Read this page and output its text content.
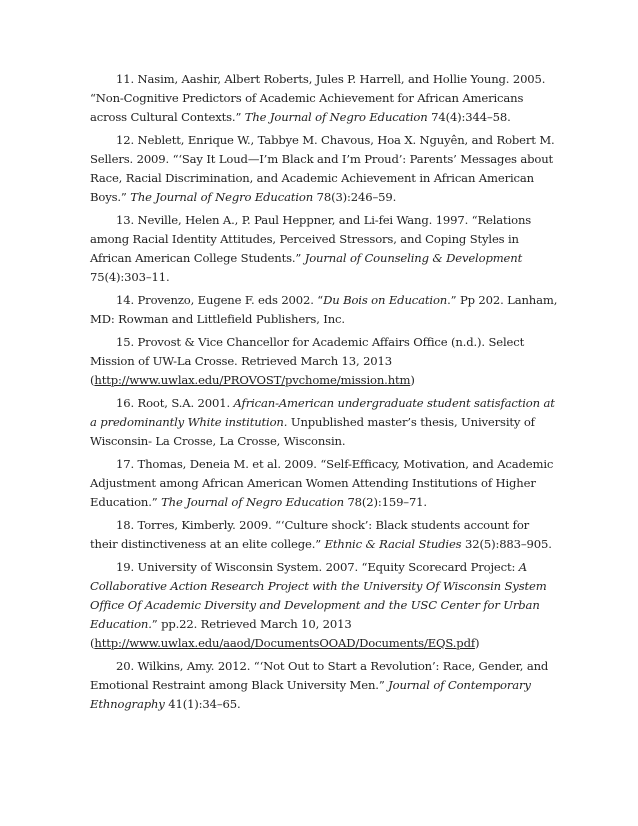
11. Nasim, Aashir, Albert Roberts, Jules P. Harrell, and Hollie Young. 2005. “Non-Cognitive Predictors of Academic Achievement for African Americans across Cultural Contexts.” The Journal of Negro Education 74(4):344–58.

12. Neblett, Enrique W., Tabbye M. Chavous, Hoa X. Nguyên, and Robert M. Sellers. 2009. “‘Say It Loud—I’m Black and I’m Proud’: Parents’ Messages about Race, Racial Discrimination, and Academic Achievement in African American Boys.” The Journal of Negro Education 78(3):246–59.

13. Neville, Helen A., P. Paul Heppner, and Li-fei Wang. 1997. “Relations among Racial Identity Attitudes, Perceived Stressors, and Coping Styles in African American College Students.” Journal of Counseling & Development 75(4):303–11.

14. Provenzo, Eugene F. eds 2002. “Du Bois on Education.” Pp 202. Lanham, MD: Rowman and Littlefield Publishers, Inc.

15. Provost & Vice Chancellor for Academic Affairs Office (n.d.). Select Mission of UW-La Crosse. Retrieved March 13, 2013 (http://www.uwlax.edu/PROVOST/pvchome/mission.htm)

16. Root, S.A. 2001. African-American undergraduate student satisfaction at a predominantly White institution. Unpublished master’s thesis, University of Wisconsin- La Crosse, La Crosse, Wisconsin.

17. Thomas, Deneia M. et al. 2009. “Self-Efficacy, Motivation, and Academic Adjustment among African American Women Attending Institutions of Higher Education.” The Journal of Negro Education 78(2):159–71.

18. Torres, Kimberly. 2009. “‘Culture shock’: Black students account for their distinctiveness at an elite college.” Ethnic & Racial Studies 32(5):883–905.

19. University of Wisconsin System. 2007. “Equity Scorecard Project: A Collaborative Action Research Project with the University Of Wisconsin System Office Of Academic Diversity and Development and the USC Center for Urban Education.” pp.22. Retrieved March 10, 2013 (http://www.uwlax.edu/aaod/DocumentsOOAD/Documents/EQS.pdf)

20. Wilkins, Amy. 2012. “‘Not Out to Start a Revolution’: Race, Gender, and Emotional Restraint among Black University Men.” Journal of Contemporary Ethnography 41(1):34–65.
